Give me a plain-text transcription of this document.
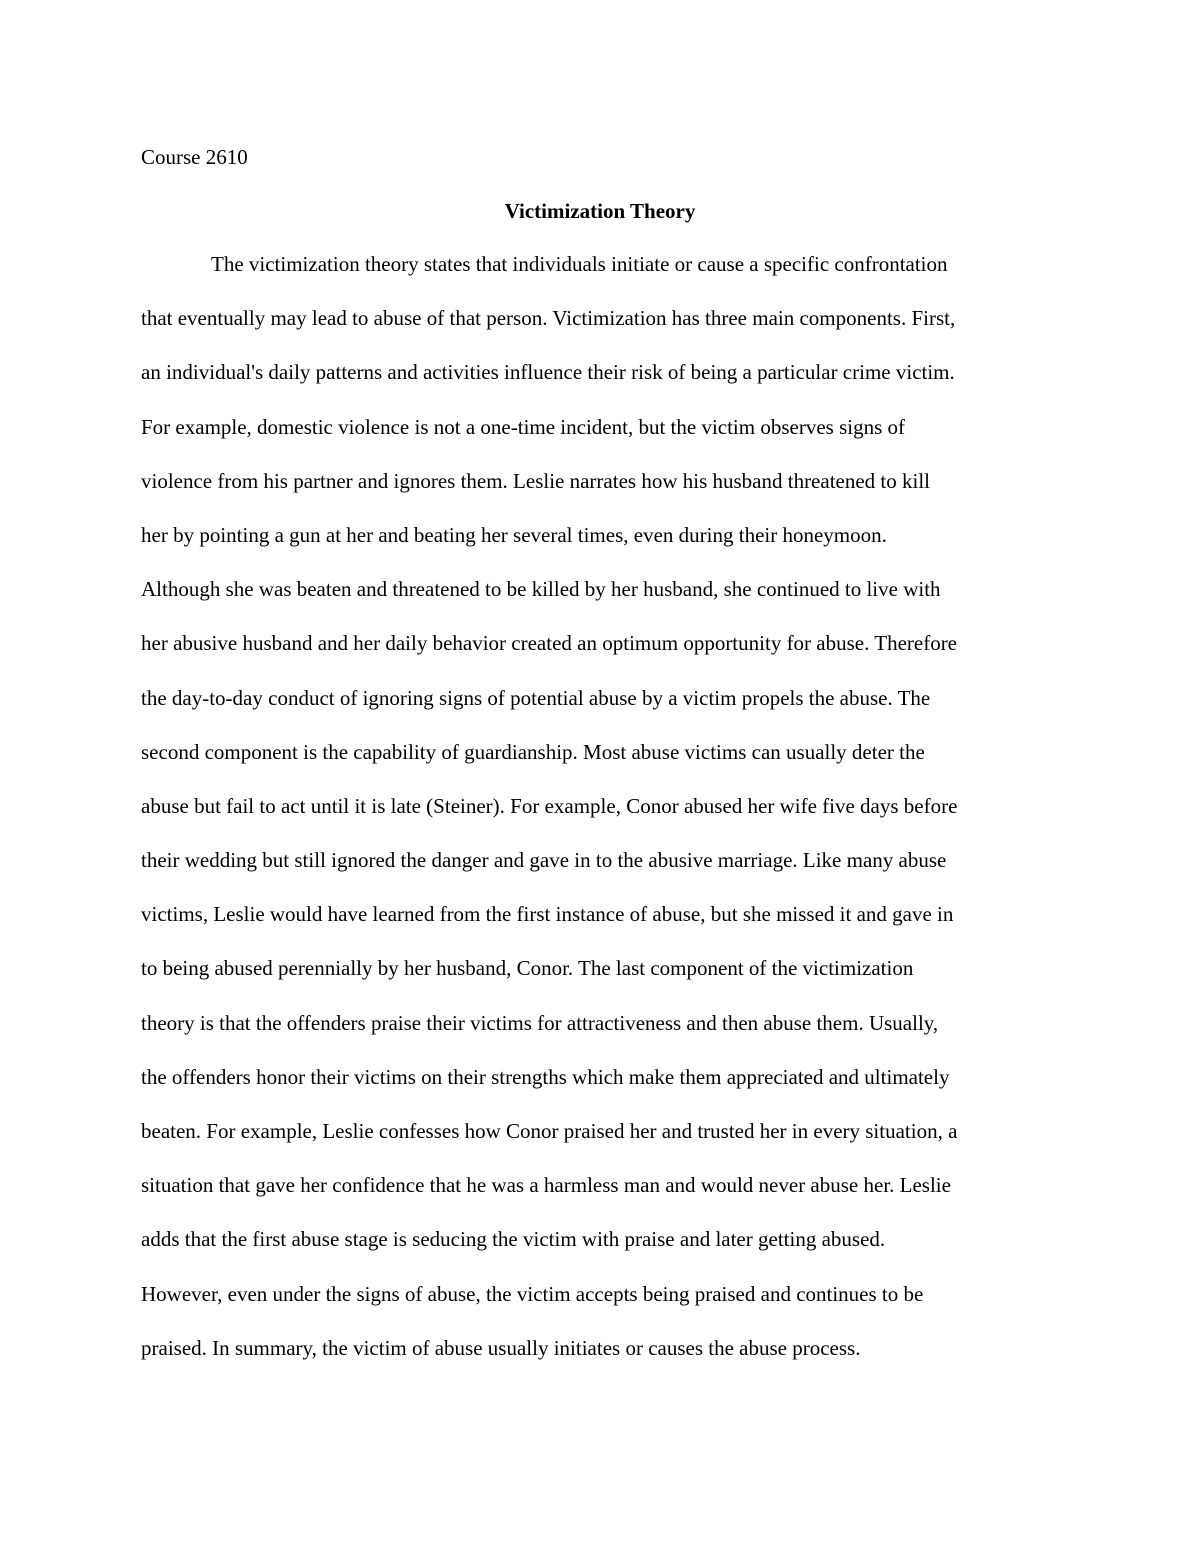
Course 2610
Victimization Theory
The victimization theory states that individuals initiate or cause a specific confrontation
that eventually may lead to abuse of that person. Victimization has three main components. First,
an individual's daily patterns and activities influence their risk of being a particular crime victim.
For example, domestic violence is not a one-time incident, but the victim observes signs of
violence from his partner and ignores them. Leslie narrates how his husband threatened to kill
her by pointing a gun at her and beating her several times, even during their honeymoon.
Although she was beaten and threatened to be killed by her husband, she continued to live with
her abusive husband and her daily behavior created an optimum opportunity for abuse. Therefore
the day-to-day conduct of ignoring signs of potential abuse by a victim propels the abuse. The
second component is the capability of guardianship. Most abuse victims can usually deter the
abuse but fail to act until it is late (Steiner). For example, Conor abused her wife five days before
their wedding but still ignored the danger and gave in to the abusive marriage. Like many abuse
victims, Leslie would have learned from the first instance of abuse, but she missed it and gave in
to being abused perennially by her husband, Conor. The last component of the victimization
theory is that the offenders praise their victims for attractiveness and then abuse them. Usually,
the offenders honor their victims on their strengths which make them appreciated and ultimately
beaten. For example, Leslie confesses how Conor praised her and trusted her in every situation, a
situation that gave her confidence that he was a harmless man and would never abuse her. Leslie
adds that the first abuse stage is seducing the victim with praise and later getting abused.
However, even under the signs of abuse, the victim accepts being praised and continues to be
praised. In summary, the victim of abuse usually initiates or causes the abuse process.
